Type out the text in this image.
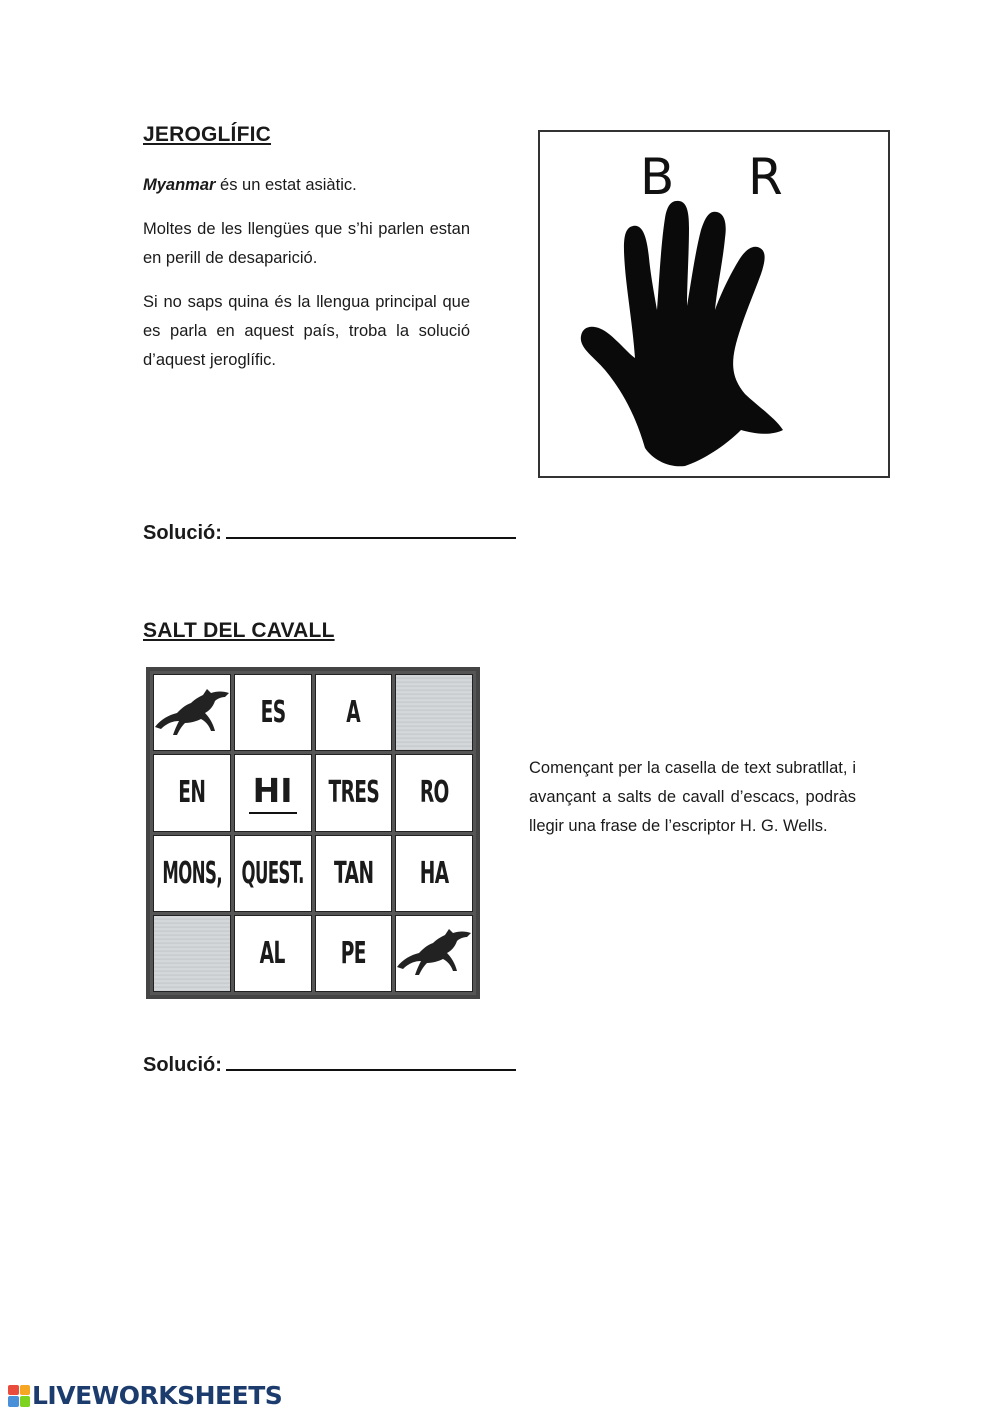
JEROGLÍFIC

Myanmar és un estat asiàtic.

Moltes de les llengües que s’hi parlen estan en perill de desaparició.

Si no saps quina és la llengua principal que es parla en aquest país, troba la solució d’aquest jeroglífic.

B R
Solució:
SALT DEL CAVALL
ES A
EN HI TRES RO
MONS, QUEST. TAN HA
AL PE

Començant per la casella de text subratllat, i avançant a salts de cavall d’escacs, podràs llegir una frase de l’escriptor H. G. Wells.

Solució:
LIVEWORKSHEETS
